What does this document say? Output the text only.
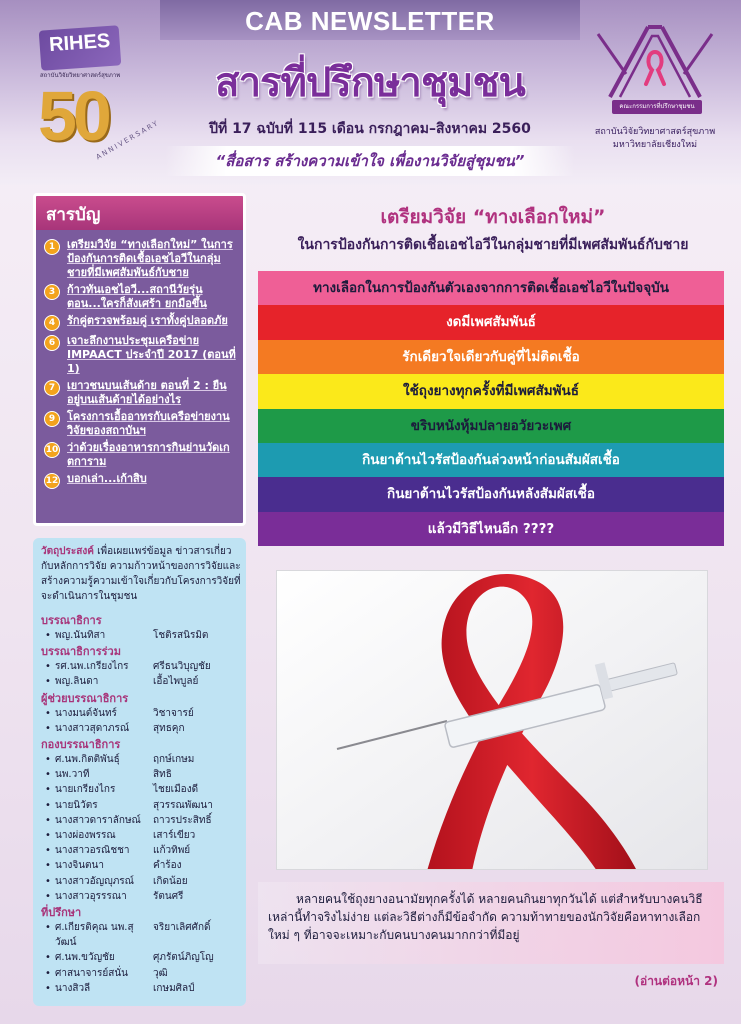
CAB NEWSLETTER
สารที่ปรึกษาชุมชน
ปีที่ 17 ฉบับที่ 115 เดือน กรกฎาคม–สิงหาคม 2560
“สื่อสาร สร้างความเข้าใจ เพื่องานวิจัยสู่ชุมชน”
RIHES
สถาบันวิจัยวิทยาศาสตร์สุขภาพ
50
ANNIVERSARY
คณะกรรมการที่ปรึกษาชุมชน
สถาบันวิจัยวิทยาศาสตร์สุขภาพ
มหาวิทยาลัยเชียงใหม่
สารบัญ
1	เตรียมวิจัย “ทางเลือกใหม่” ในการป้องกันการติดเชื้อเอชไอวีในกลุ่มชายที่มีเพศสัมพันธ์กับชาย
3	ก้าวทันเอชไอวี...สถานีวัยรุ่น ตอน...ใครก็สังเศร้า ยกมือขึ้น
4	รักคู่ตรวจพร้อมคู่ เราทั้งคู่ปลอดภัย
6	เจาะลึกงานประชุมเครือข่าย IMPAACT ประจำปี 2017 (ตอนที่ 1)
7	เยาวชนบนเส้นด้าย ตอนที่ 2 : ยืนอยู่บนเส้นด้ายได้อย่างไร
9	โครงการเอื้ออาทรกับเครือข่ายงานวิจัยของสถาบันฯ
10 ว่าด้วยเรื่องอาหารการกินย่านวัดเกตการาม
12 บอกเล่า...เก้าสิบ
วัตถุประสงค์ เพื่อเผยแพร่ข้อมูล ข่าวสารเกี่ยวกับหลักการวิจัย ความก้าวหน้าของการวิจัยและสร้างความรู้ความเข้าใจเกี่ยวกับโครงการวิจัยที่จะดำเนินการในชุมชน
บรรณาธิการ
• พญ.นันทิสา	โชติรสนิรมิต
บรรณาธิการร่วม
• รศ.นพ.เกรียงไกร	ศรีธนวิบุญชัย
• พญ.ลินดา	เอื้อไพบูลย์
ผู้ช่วยบรรณาธิการ
• นางมนต์จันทร์	วิชาจารย์
• นางสาวสุดาภรณ์	สุทธคุก
กองบรรณาธิการ
• ศ.นพ.กิตติพันธุ์	ฤกษ์เกษม
• นพ.วาที	สิทธิ
• นายเกรียงไกร	ไชยเมืองดี
• นายนิวัตร	สุวรรณพัฒนา
• นางสาวดาราลักษณ์	ถาวรประสิทธิ์
• นางผ่องพรรณ	เสาร์เขียว
• นางสาวอรณิชชา	แก้วทิพย์
• นางจินตนา	คำร้อง
• นางสาวอัญญุภรณ์	เกิดน้อย
• นางสาวอุรรรณา	รัตนศรี
ที่ปรึกษา
• ศ.เกียรติคุณ นพ.สุวัฒน์
จริยาเลิศศักดิ์
• ศ.นพ.ขวัญชัย	ศุภรัตน์ภิญโญ
• ศาสนาจารย์สนั่น	วุฒิ
• นางสิวลี	เกษมศิลป์
เตรียมวิจัย “ทางเลือกใหม่”
ในการป้องกันการติดเชื้อเอชไอวีในกลุ่มชายที่มีเพศสัมพันธ์กับชาย
ทางเลือกในการป้องกันตัวเองจากการติดเชื้อเอชไอวีในปัจจุบัน
งดมีเพศสัมพันธ์
รักเดียวใจเดียวกับคู่ที่ไม่ติดเชื้อ
ใช้ถุงยางทุกครั้งที่มีเพศสัมพันธ์
ขริบหนังหุ้มปลายอวัยวะเพศ
กินยาต้านไวรัสป้องกันล่วงหน้าก่อนสัมผัสเชื้อ
กินยาต้านไวรัสป้องกันหลังสัมผัสเชื้อ
แล้วมีวิธีไหนอีก ????

หลายคนใช้ถุงยางอนามัยทุกครั้งได้ หลายคนกินยาทุกวันได้ แต่สำหรับบางคนวิธีเหล่านี้ทำจริงไม่ง่าย แต่ละวิธีต่างก็มีข้อจำกัด ความท้าทายของนักวิจัยคือหาทางเลือกใหม่ ๆ ที่อาจจะเหมาะกับคนบางคนมากกว่าที่มีอยู่

(อ่านต่อหน้า 2)
